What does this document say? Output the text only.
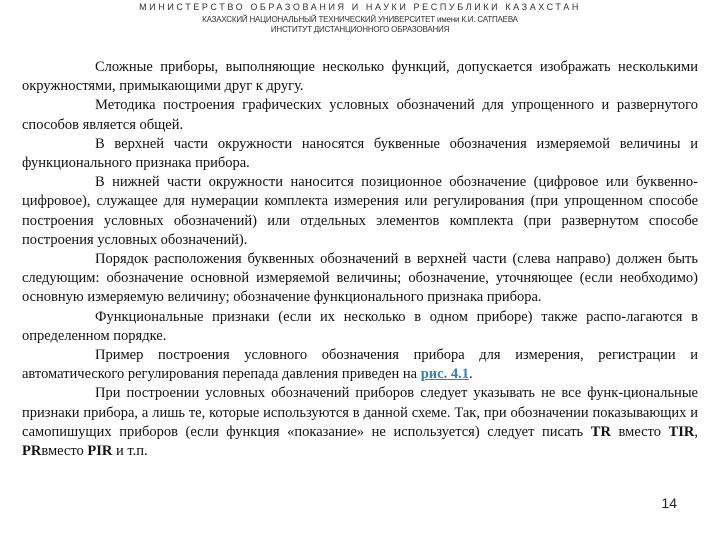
МИНИСТЕРСТВО ОБРАЗОВАНИЯ И НАУКИ РЕСПУБЛИКИ КАЗАХСТАН
КАЗАХСКИЙ НАЦИОНАЛЬНЫЙ ТЕХНИЧЕСКИЙ УНИВЕРСИТЕТ имени К.И. САТПАЕВА
ИНСТИТУТ ДИСТАНЦИОННОГО ОБРАЗОВАНИЯ

Сложные приборы, выполняющие несколько функций, допускается изображать несколькими окружностями, примыкающими друг к другу.

Методика построения графических условных обозначений для упрощенного и развернутого способов является общей.

В верхней части окружности наносятся буквенные обозначения измеряемой величины и функционального признака прибора.

В нижней части окружности наносится позиционное обозначение (цифровое или буквенно-цифровое), служащее для нумерации комплекта измерения или регулирования (при упрощенном способе построения условных обозначений) или отдельных элементов комплекта (при развернутом способе построения условных обозначений).

Порядок расположения буквенных обозначений в верхней части (слева направо) должен быть следующим: обозначение основной измеряемой величины; обозначение, уточняющее (если необходимо) основную измеряемую величину; обозначение функционального признака прибора.

Функциональные признаки (если их несколько в одном приборе) также распо-лагаются в определенном порядке.

Пример построения условного обозначения прибора для измерения, регистрации и автоматического регулирования перепада давления приведен на рис. 4.1.

При построении условных обозначений приборов следует указывать не все функ-циональные признаки прибора, а лишь те, которые используются в данной схеме. Так, при обозначении показывающих и самопишущих приборов (если функция «показание» не используется) следует писать TR вместо TIR, PRвместо PIR и т.п.

14
